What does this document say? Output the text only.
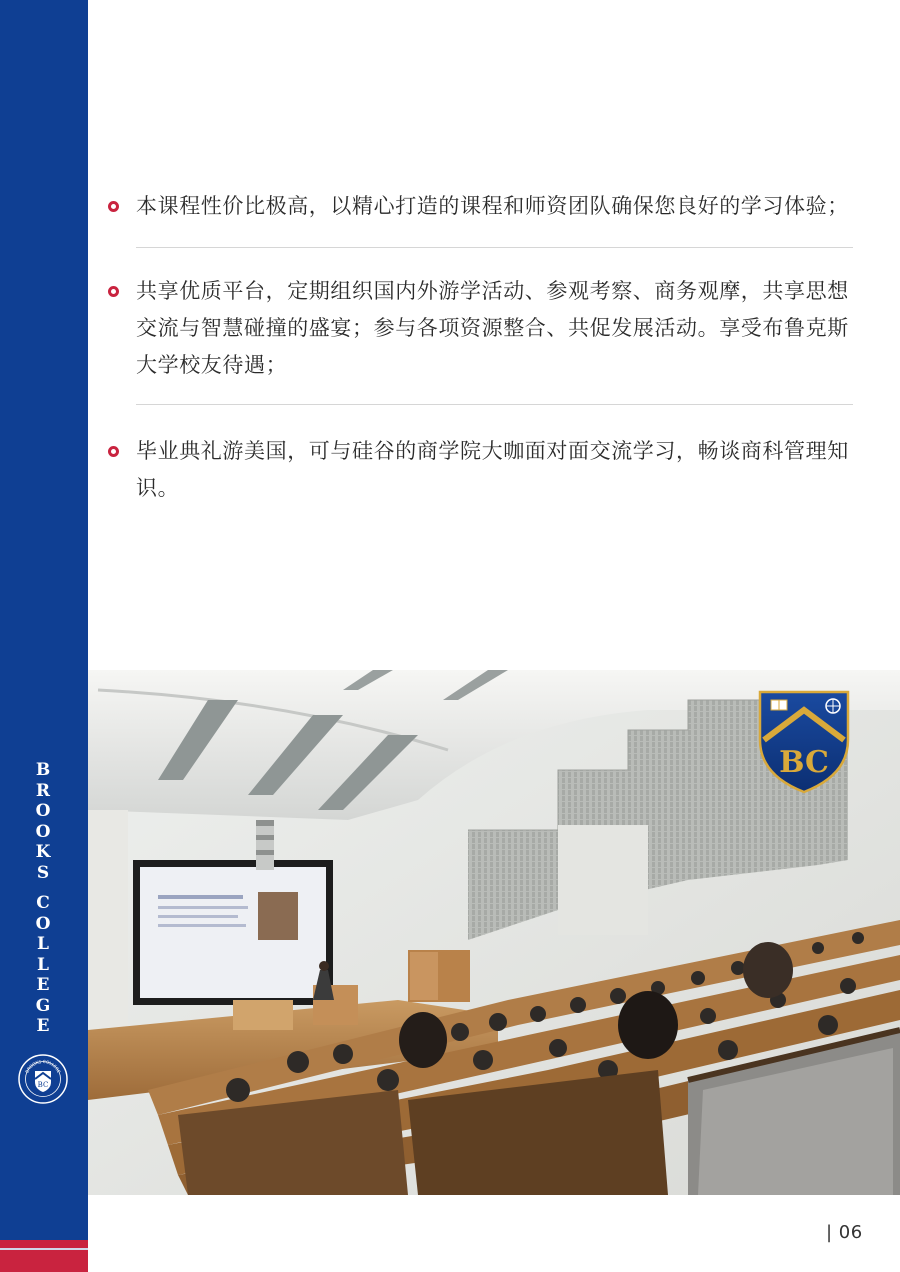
B
R
O
O
K
S
C
O
L
L
E
G
E
BC
BROOKS COLLEGE
本课程性价比极高，以精心打造的课程和师资团队确保您良好的学习体验；
共享优质平台，定期组织国内外游学活动、参观考察、商务观摩，共享思想交流与智慧碰撞的盛宴；参与各项资源整合、共促发展活动。享受布鲁克斯大学校友待遇；
毕业典礼游美国，可与硅谷的商学院大咖面对面交流学习，畅谈商科管理知识。
BC
| 06
